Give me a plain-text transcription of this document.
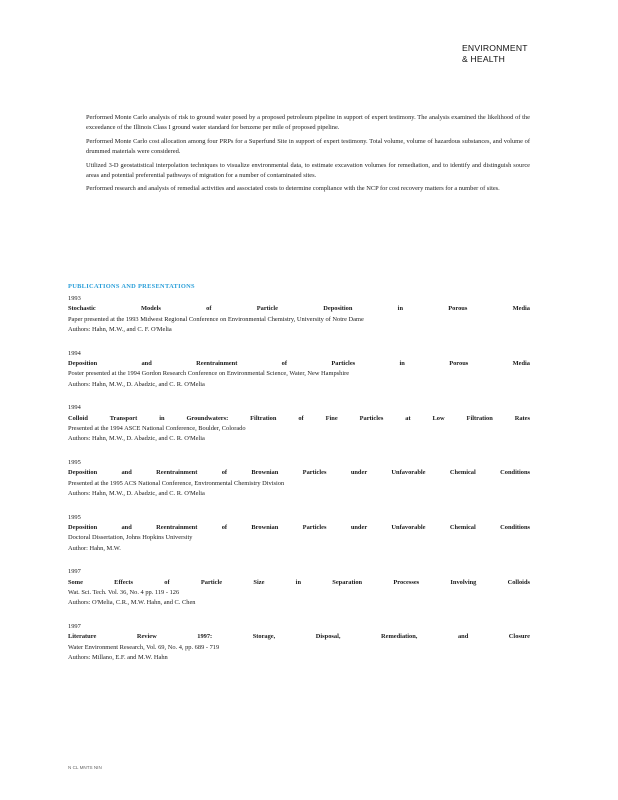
ENVIRONMENT
& HEALTH
Performed Monte Carlo analysis of risk to ground water posed by a proposed petroleum pipeline in support of expert testimony. The analysis examined the likelihood of the exceedance of the Illinois Class I ground water standard for benzene per mile of proposed pipeline.
Performed Monte Carlo cost allocation among four PRPs for a Superfund Site in support of expert testimony. Total volume, volume of hazardous substances, and volume of drummed materials were considered.
Utilized 3-D geostatistical interpolation techniques to visualize environmental data, to estimate excavation volumes for remediation, and to identify and distinguish source areas and potential preferential pathways of migration for a number of contaminated sites.
Performed research and analysis of remedial activities and associated costs to determine compliance with the NCP for cost recovery matters for a number of sites.
PUBLICATIONS AND PRESENTATIONS
1993
Stochastic Models of Particle Deposition in Porous Media
Paper presented at the 1993 Midwest Regional Conference on Environmental Chemistry, University of Notre Dame
Authors: Hahn, M.W., and C. F. O'Melia
1994
Deposition and Reentrainment of Particles in Porous Media
Poster presented at the 1994 Gordon Research Conference on Environmental Science, Water, New Hampshire
Authors: Hahn, M.W., D. Abadzic, and C. R. O'Melia
1994
Colloid Transport in Groundwaters: Filtration of Fine Particles at Low Filtration Rates
Presented at the 1994 ASCE National Conference, Boulder, Colorado
Authors: Hahn, M.W., D. Abadzic, and C. R. O'Melia
1995
Deposition and Reentrainment of Brownian Particles under Unfavorable Chemical Conditions
Presented at the 1995 ACS National Conference, Environmental Chemistry Division
Authors: Hahn, M.W., D. Abadzic, and C. R. O'Melia
1995
Deposition and Reentrainment of Brownian Particles under Unfavorable Chemical Conditions
Doctoral Dissertation, Johns Hopkins University
Author: Hahn, M.W.
1997
Some Effects of Particle Size in Separation Processes Involving Colloids
Wat. Sci. Tech. Vol. 36, No. 4 pp. 119 - 126
Authors: O'Melia, C.R., M.W. Hahn, and C. Chen
1997
Literature Review 1997: Storage, Disposal, Remediation, and Closure
Water Environment Research, Vol. 69, No. 4, pp. 689 - 719
Authors: Millano, E.F. and M.W. Hahn
N CL MNTS NIN
